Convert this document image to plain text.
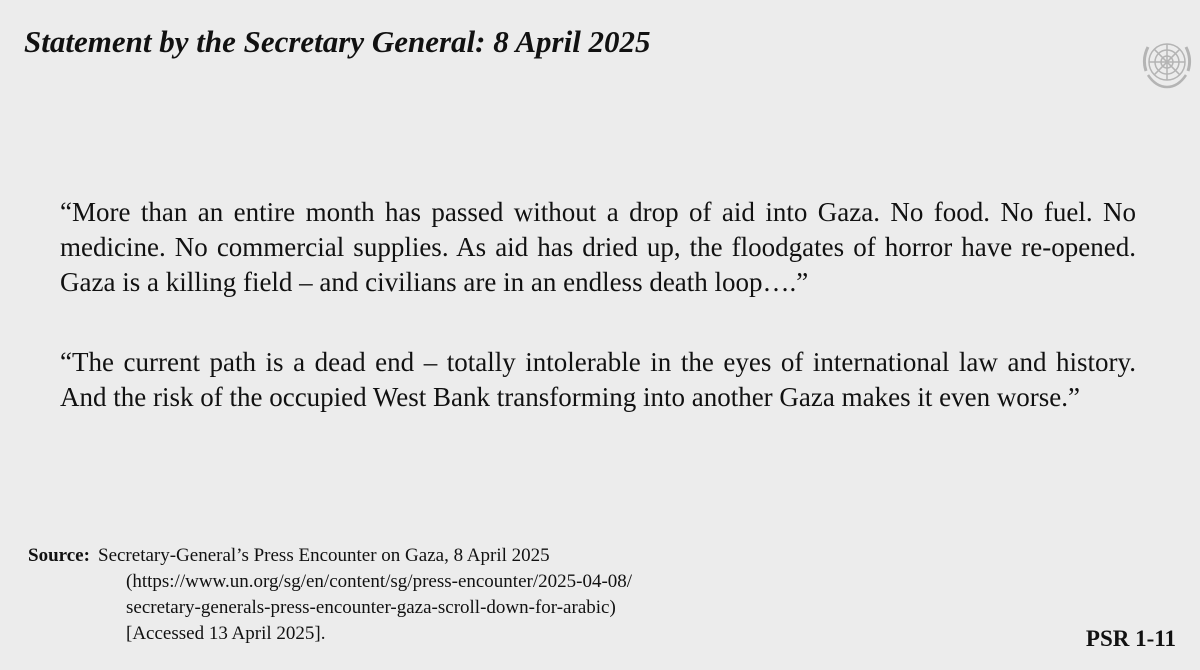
Statement by the Secretary General: 8 April 2025

“More than an entire month has passed without a drop of aid into Gaza. No food. No fuel. No medicine. No commercial supplies. As aid has dried up, the floodgates of horror have re-opened. Gaza is a killing field – and civilians are in an endless death loop….”

“The current path is a dead end – totally intolerable in the eyes of international law and history. And the risk of the occupied West Bank transforming into another Gaza makes it even worse.”

Source: Secretary-General’s Press Encounter on Gaza, 8 April 2025
(https://www.un.org/sg/en/content/sg/press-encounter/2025-04-08/
secretary-generals-press-encounter-gaza-scroll-down-for-arabic)
[Accessed 13 April 2025].	PSR 1-11
